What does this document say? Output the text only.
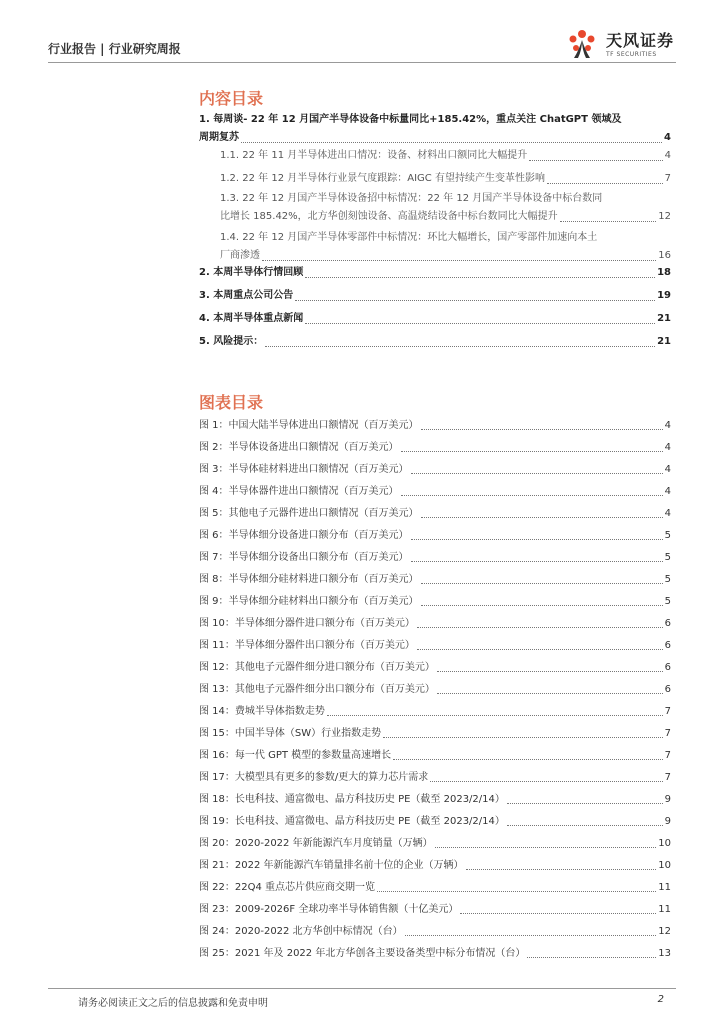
行业报告 | 行业研究周报	天风证券
TF SECURITIES
内容目录
1. 每周谈- 22 年 12 月国产半导体设备中标量同比+185.42%，重点关注 ChatGPT 领域及
周期复苏	4
1.1. 22 年 11 月半导体进出口情况：设备、材料出口额同比大幅提升	4
1.2. 22 年 12 月半导体行业景气度跟踪：AIGC 有望持续产生变革性影响	7
1.3. 22 年 12 月国产半导体设备招中标情况：22 年 12 月国产半导体设备中标台数同
比增长 185.42%，北方华创刻蚀设备、高温烧结设备中标台数同比大幅提升	12
1.4. 22 年 12 月国产半导体零部件中标情况：环比大幅增长，国产零部件加速向本土
厂商渗透	16
2. 本周半导体行情回顾	18
3. 本周重点公司公告	19
4. 本周半导体重点新闻	21
5. 风险提示：	21
图表目录
图 1：中国大陆半导体进出口额情况（百万美元）	4
图 2：半导体设备进出口额情况（百万美元）	4
图 3：半导体硅材料进出口额情况（百万美元）	4
图 4：半导体器件进出口额情况（百万美元）	4
图 5：其他电子元器件进出口额情况（百万美元）	4
图 6：半导体细分设备进口额分布（百万美元）	5
图 7：半导体细分设备出口额分布（百万美元）	5
图 8：半导体细分硅材料进口额分布（百万美元）	5
图 9：半导体细分硅材料出口额分布（百万美元）	5
图 10：半导体细分器件进口额分布（百万美元）	6
图 11：半导体细分器件出口额分布（百万美元）	6
图 12：其他电子元器件细分进口额分布（百万美元）	6
图 13：其他电子元器件细分出口额分布（百万美元）	6
图 14：费城半导体指数走势	7
图 15：中国半导体（SW）行业指数走势	7
图 16：每一代 GPT 模型的参数量高速增长	7
图 17：大模型具有更多的参数/更大的算力芯片需求	7
图 18：长电科技、通富微电、晶方科技历史 PE（截至 2023/2/14）	9
图 19：长电科技、通富微电、晶方科技历史 PE（截至 2023/2/14）	9
图 20：2020-2022 年新能源汽车月度销量（万辆）	10
图 21：2022 年新能源汽车销量排名前十位的企业（万辆）	10
图 22：22Q4 重点芯片供应商交期一览	11
图 23：2009-2026F 全球功率半导体销售额（十亿美元）	11
图 24：2020-2022 北方华创中标情况（台）	12
图 25：2021 年及 2022 年北方华创各主要设备类型中标分布情况（台）	13
请务必阅读正文之后的信息披露和免责申明	2
